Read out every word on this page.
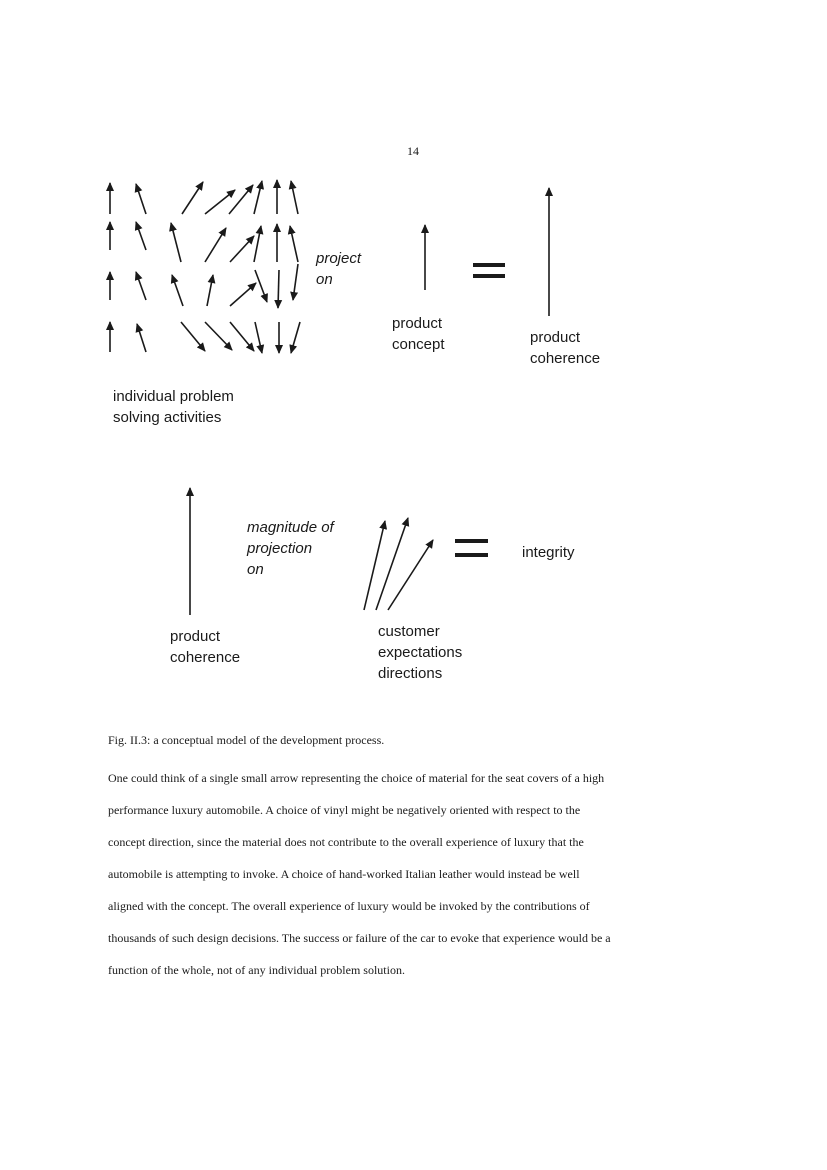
14
project
on
individual problem
solving activities
product
concept	product
coherence
magnitude of
projection
on
integrity
product
coherence
customer
expectations
directions

Fig. II.3: a conceptual model of the development process.

One could think of a single small arrow representing the choice of material for the seat covers of a high
performance luxury automobile. A choice of vinyl might be negatively oriented with respect to the
concept direction, since the material does not contribute to the overall experience of luxury that the
automobile is attempting to invoke. A choice of hand-worked Italian leather would instead be well
aligned with the concept. The overall experience of luxury would be invoked by the contributions of
thousands of such design decisions. The success or failure of the car to evoke that experience would be a
function of the whole, not of any individual problem solution.
